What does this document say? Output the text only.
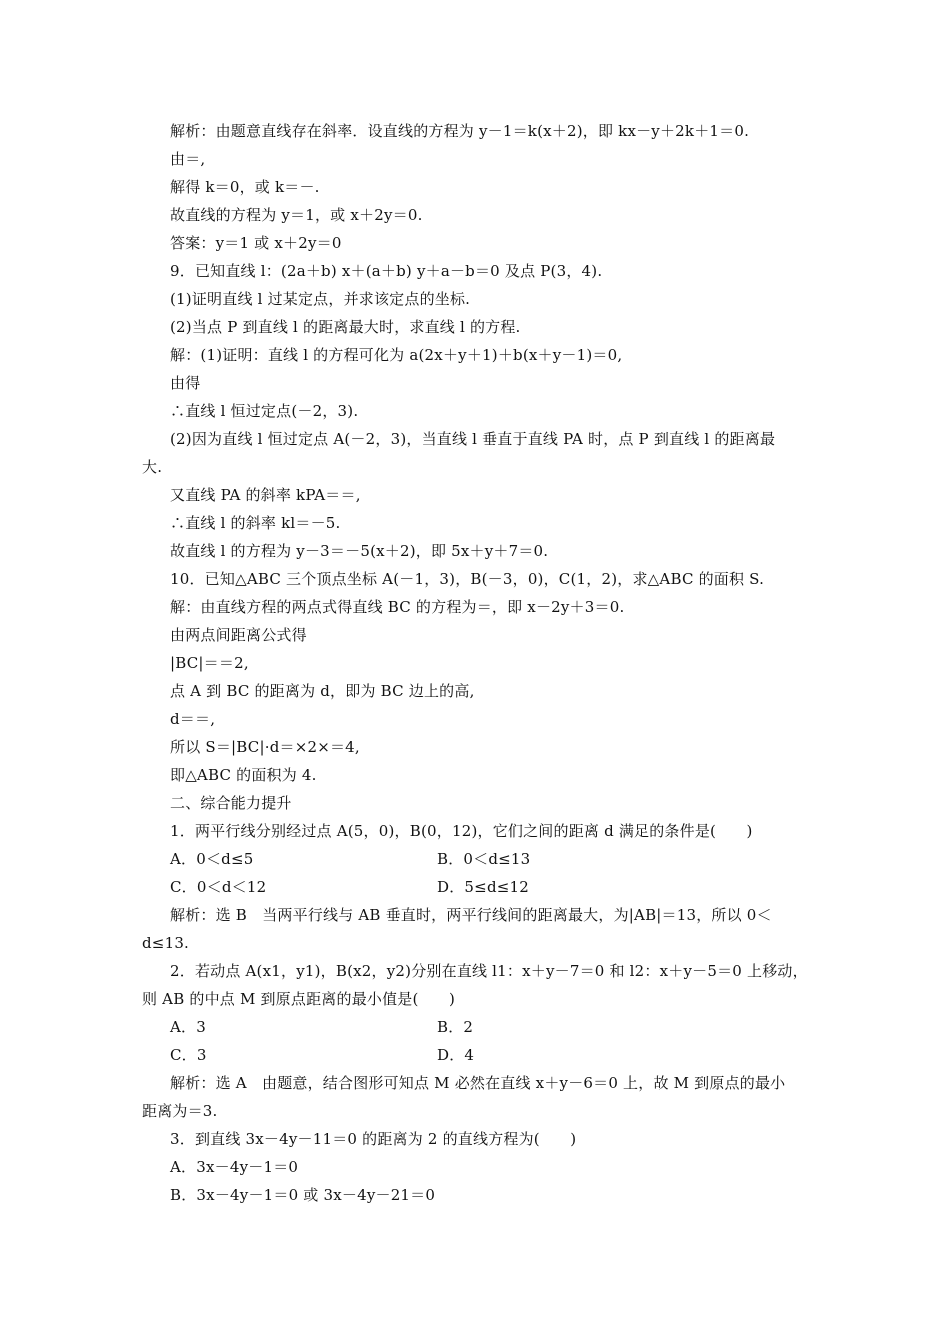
解析：由题意直线存在斜率．设直线的方程为 y－1＝k(x＋2)，即 kx－y＋2k＋1＝0.
由＝,
解得 k＝0，或 k＝－.
故直线的方程为 y＝1，或 x＋2y＝0.
答案：y＝1 或 x＋2y＝0
9．已知直线 l：(2a＋b) x＋(a＋b) y＋a－b＝0 及点 P(3，4).
(1)证明直线 l 过某定点，并求该定点的坐标.
(2)当点 P 到直线 l 的距离最大时，求直线 l 的方程.
解：(1)证明：直线 l 的方程可化为 a(2x＋y＋1)＋b(x＋y－1)＝0,
由得
∴直线 l 恒过定点(－2，3).
(2)因为直线 l 恒过定点 A(－2，3)，当直线 l 垂直于直线 PA 时，点 P 到直线 l 的距离最
大.
又直线 PA 的斜率 kPA＝＝,
∴直线 l 的斜率 kl＝－5.
故直线 l 的方程为 y－3＝－5(x＋2)，即 5x＋y＋7＝0.
10．已知△ABC 三个顶点坐标 A(－1，3)，B(－3，0)，C(1，2)，求△ABC 的面积 S.
解：由直线方程的两点式得直线 BC 的方程为＝，即 x－2y＋3＝0.
由两点间距离公式得
|BC|＝＝2,
点 A 到 BC 的距离为 d，即为 BC 边上的高,
d＝＝,
所以 S＝|BC|·d＝×2×＝4,
即△ABC 的面积为 4.
二、综合能力提升
1．两平行线分别经过点 A(5，0)，B(0，12)，它们之间的距离 d 满足的条件是(　　)
A．0＜d≤5	B．0＜d≤13
C．0＜d＜12	D．5≤d≤12
解析：选 B　当两平行线与 AB 垂直时，两平行线间的距离最大，为|AB|＝13，所以 0＜
d≤13.
2．若动点 A(x1，y1)，B(x2，y2)分别在直线 l1：x＋y－7＝0 和 l2：x＋y－5＝0 上移动，
则 AB 的中点 M 到原点距离的最小值是(　　)
A．3	B．2
C．3	D．4
解析：选 A　由题意，结合图形可知点 M 必然在直线 x＋y－6＝0 上，故 M 到原点的最小
距离为＝3.
3．到直线 3x－4y－11＝0 的距离为 2 的直线方程为(　　)
A．3x－4y－1＝0
B．3x－4y－1＝0 或 3x－4y－21＝0
